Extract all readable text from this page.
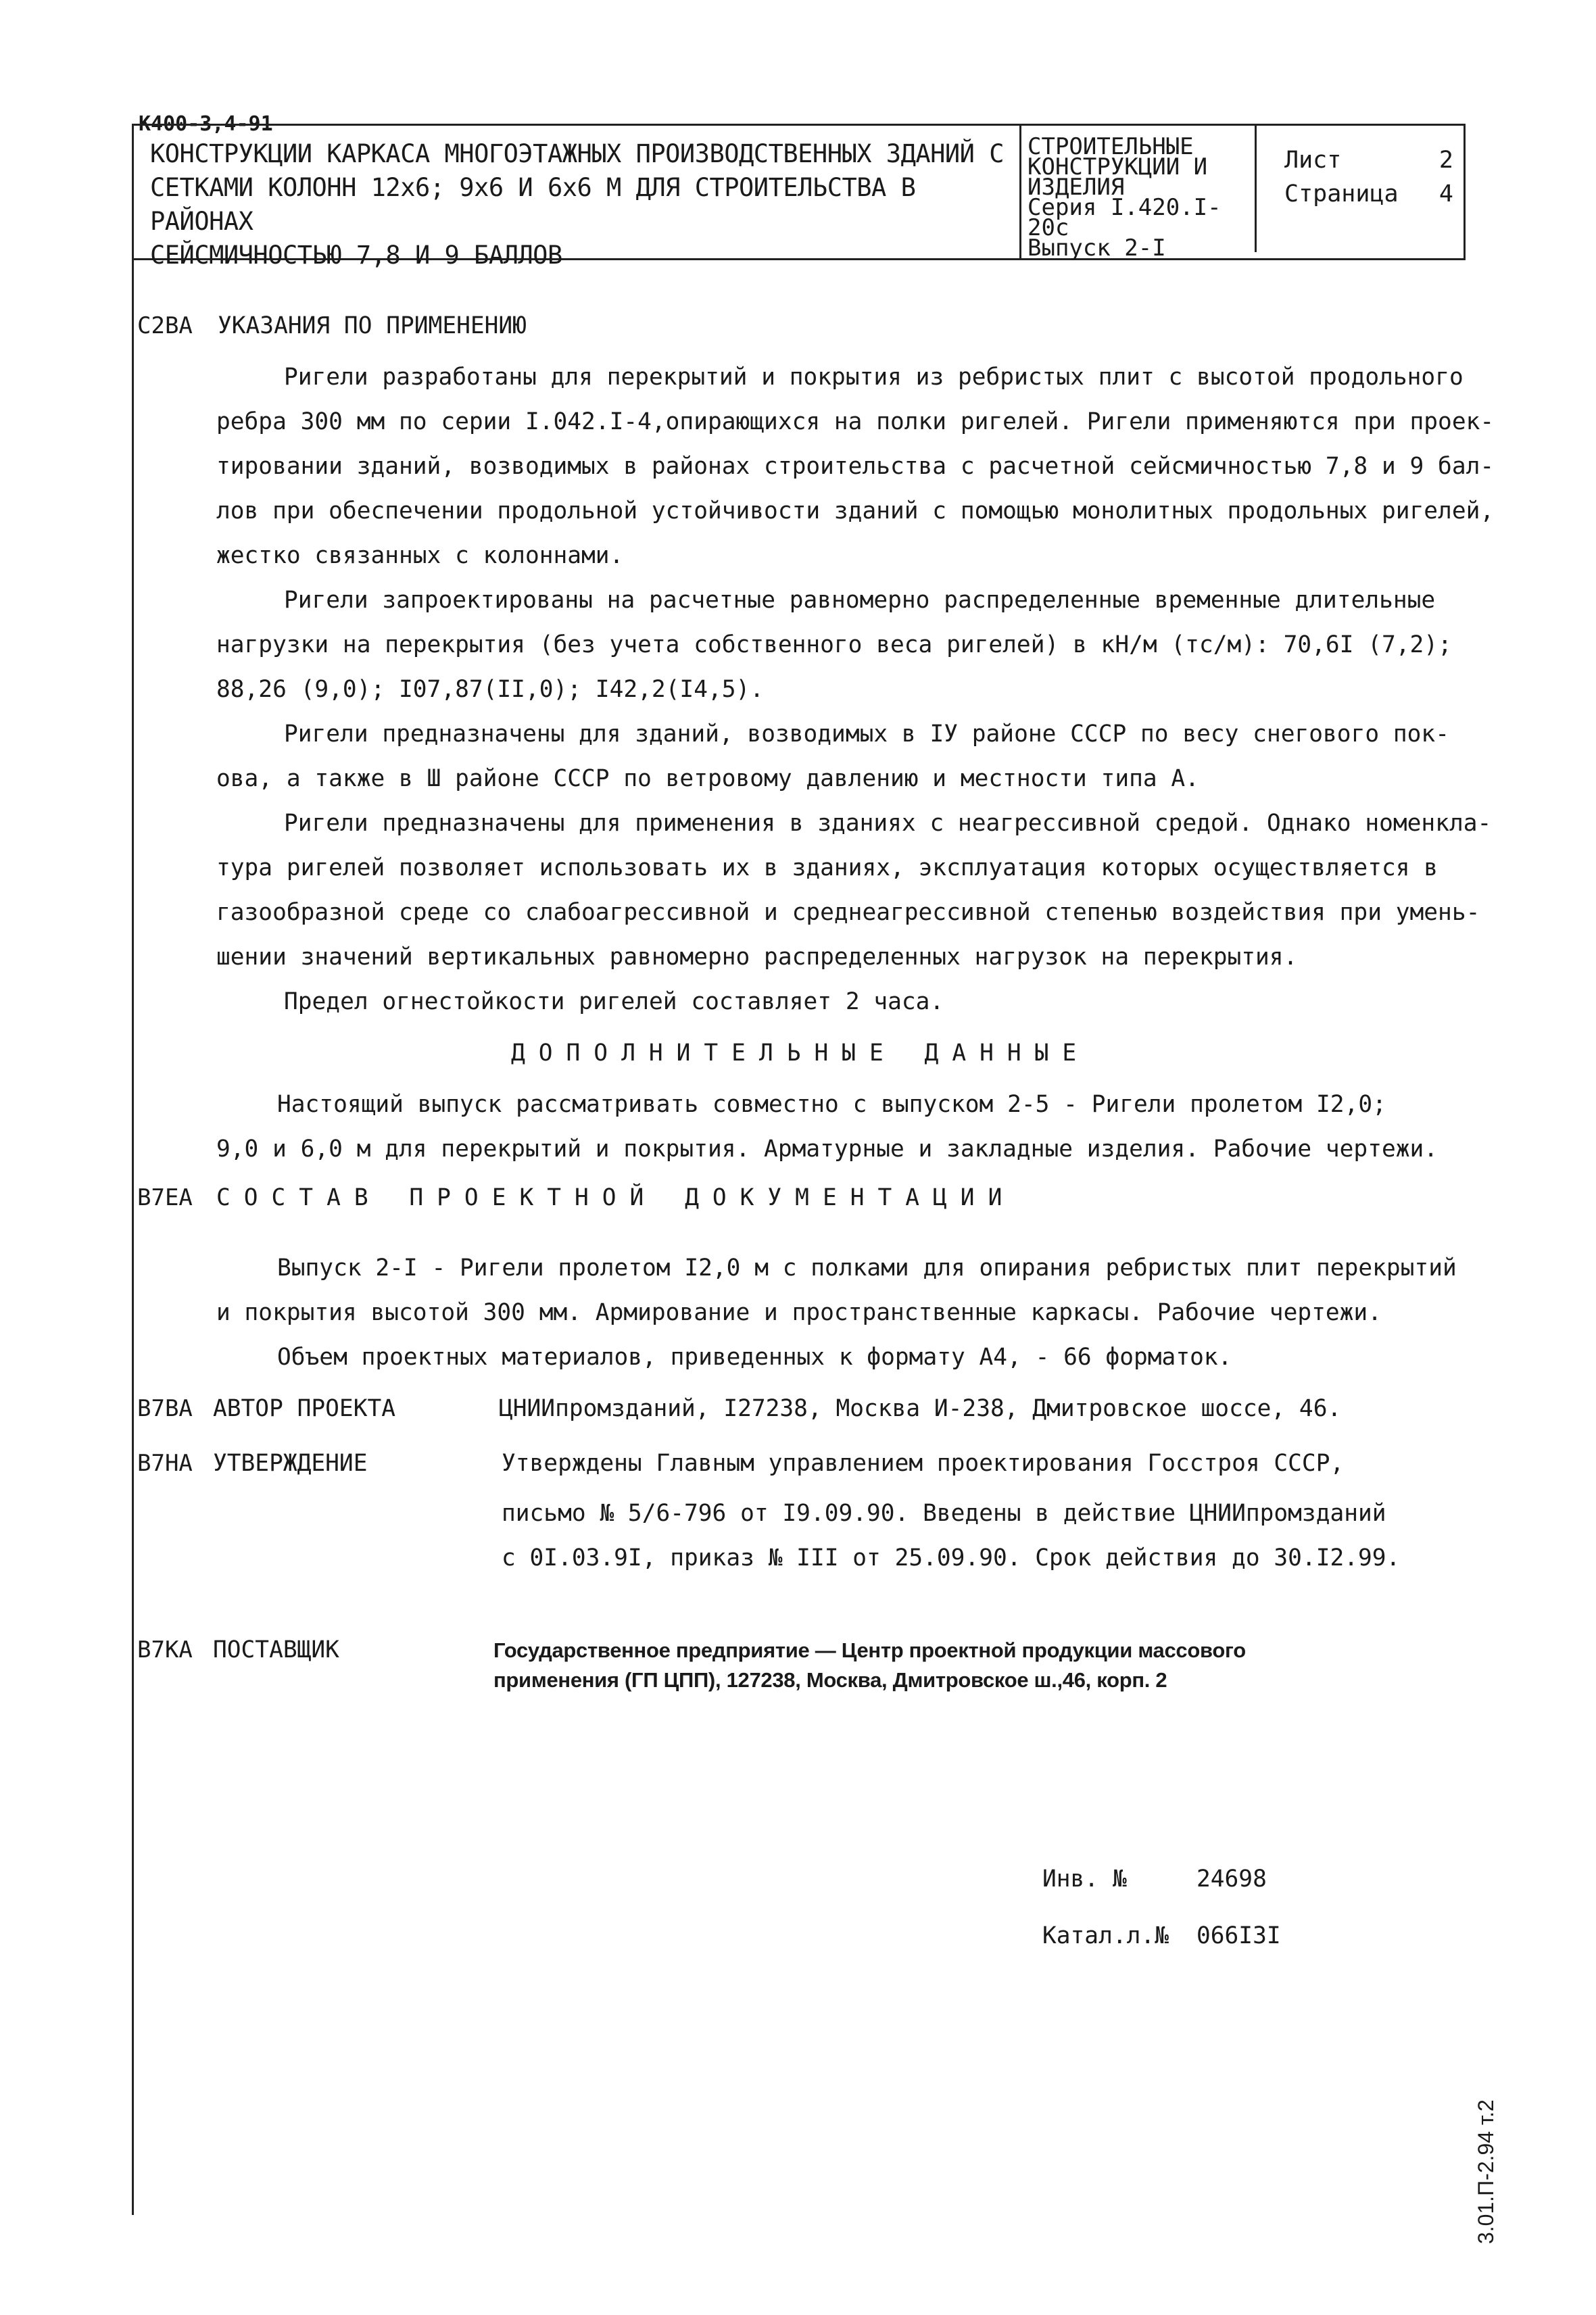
К400-3,4-91
КОНСТРУКЦИИ КАРКАСА МНОГОЭТАЖНЫХ ПРОИЗВОДСТВЕННЫХ ЗДАНИЙ С
СЕТКАМИ КОЛОНН 12х6; 9х6 И 6х6 М ДЛЯ СТРОИТЕЛЬСТВА В РАЙОНАХ
СЕЙСМИЧНОСТЬЮ 7,8 И 9 БАЛЛОВ
СТРОИТЕЛЬНЫЕ
КОНСТРУКЦИИ И
ИЗДЕЛИЯ
Серия I.420.I-20с
Выпуск 2-I
Лист	2
Страница 4
С2ВА УКАЗАНИЯ ПО ПРИМЕНЕНИЮ
Ригели разработаны для перекрытий и покрытия из ребристых плит с высотой продольного
ребра 300 мм по серии I.042.I-4,опирающихся на полки ригелей. Ригели применяются при проек-
тировании зданий, возводимых в районах строительства с расчетной сейсмичностью 7,8 и 9 бал-
лов при обеспечении продольной устойчивости зданий с помощью монолитных продольных ригелей,
жестко связанных с колоннами.
Ригели запроектированы на расчетные равномерно распределенные временные длительные
нагрузки на перекрытия (без учета собственного веса ригелей) в кН/м (тс/м): 70,6I (7,2);
88,26 (9,0); I07,87(II,0); I42,2(I4,5).
Ригели предназначены для зданий, возводимых в IУ районе СССР по весу снегового пок-
ова, а также в Ш районе СССР по ветровому давлению и местности типа А.
Ригели предназначены для применения в зданиях с неагрессивной средой. Однако номенкла-
тура ригелей позволяет использовать их в зданиях, эксплуатация которых осуществляется в
газообразной среде со слабоагрессивной и среднеагрессивной степенью воздействия при умень-
шении значений вертикальных равномерно распределенных нагрузок на перекрытия.
Предел огнестойкости ригелей составляет 2 часа.
ДОПОЛНИТЕЛЬНЫЕ ДАННЫЕ
Настоящий выпуск рассматривать совместно с выпуском 2-5 - Ригели пролетом I2,0;
9,0 и 6,0 м для перекрытий и покрытия. Арматурные и закладные изделия. Рабочие чертежи.
В7ЕА СОСТАВ ПРОЕКТНОЙ ДОКУМЕНТАЦИИ
Выпуск 2-I - Ригели пролетом I2,0 м с полками для опирания ребристых плит перекрытий
и покрытия высотой 300 мм. Армирование и пространственные каркасы. Рабочие чертежи.
Объем проектных материалов, приведенных к формату А4, - 66 форматок.
В7ВА АВТОР ПРОЕКТА	ЦНИИпромзданий, I27238, Москва И-238, Дмитровское шоссе, 46.
В7НА УТВЕРЖДЕНИЕ	Утверждены Главным управлением проектирования Госстроя СССР,
письмо № 5/6-796 от I9.09.90. Введены в действие ЦНИИпромзданий
с 0I.03.9I, приказ № III от 25.09.90. Срок действия до 30.I2.99.
В7КА ПОСТАВЩИК	Государственное предприятие — Центр проектной продукции массового
применения (ГП ЦПП), 127238, Москва, Дмитровское ш.,46, корп. 2
Инв. №	24698
Катал.л.№ 066I3I
3.01.П-2.94 т.2
